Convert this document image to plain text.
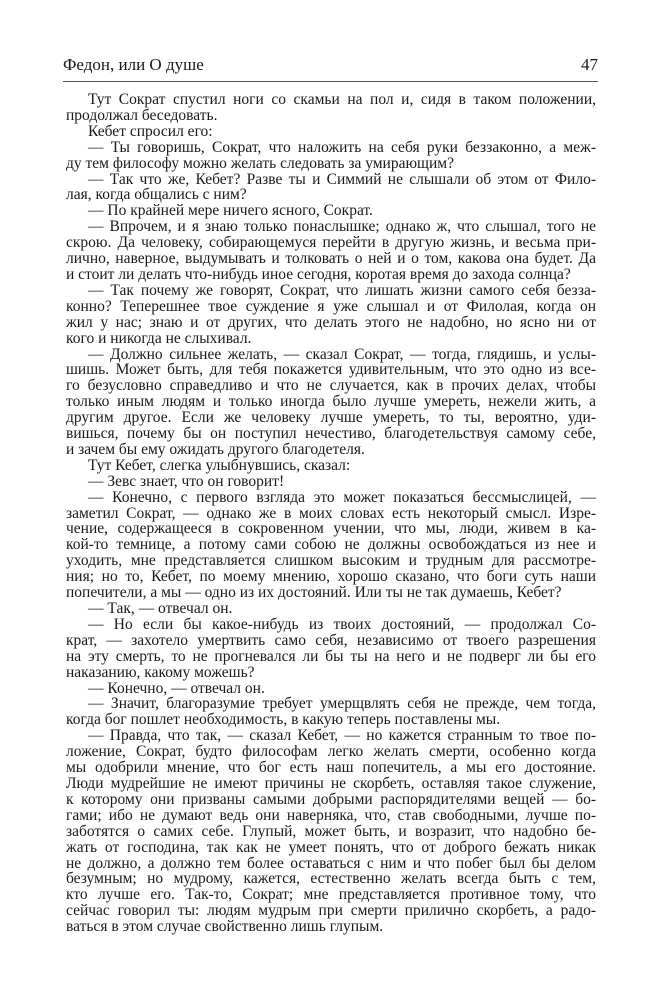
Федон, или О душе	47
Тут Сократ спустил ноги со скамьи на пол и, сидя в таком положении,
продолжал беседовать.
Кебет спросил его:
— Ты говоришь, Сократ, что наложить на себя руки беззаконно, а меж-
ду тем философу можно желать следовать за умирающим?
— Так что же, Кебет? Разве ты и Симмий не слышали об этом от Фило-
лая, когда общались с ним?
— По крайней мере ничего ясного, Сократ.
— Впрочем, и я знаю только понаслышке; однако ж, что слышал, того не
скрою. Да человеку, собирающемуся перейти в другую жизнь, и весьма при-
лично, наверное, выдумывать и толковать о ней и о том, какова она будет. Да
и стоит ли делать что-нибудь иное сегодня, коротая время до захода солнца?
— Так почему же говорят, Сократ, что лишать жизни самого себя безза-
конно? Теперешнее твое суждение я уже слышал и от Филолая, когда он
жил у нас; знаю и от других, что делать этого не надобно, но ясно ни от
кого и никогда не слыхивал.
— Должно сильнее желать, — сказал Сократ, — тогда, глядишь, и услы-
шишь. Может быть, для тебя покажется удивительным, что это одно из все-
го безусловно справедливо и что не случается, как в прочих делах, чтобы
только иным людям и только иногда было лучше умереть, нежели жить, а
другим другое. Если же человеку лучше умереть, то ты, вероятно, уди-
вишься, почему бы он поступил нечестиво, благодетельствуя самому себе,
и зачем бы ему ожидать другого благодетеля.
Тут Кебет, слегка улыбнувшись, сказал:
— Зевс знает, что он говорит!
— Конечно, с первого взгляда это может показаться бессмыслицей, —
заметил Сократ, — однако же в моих словах есть некоторый смысл. Изре-
чение, содержащееся в сокровенном учении, что мы, люди, живем в ка-
кой-то темнице, а потому сами собою не должны освобождаться из нее и
уходить, мне представляется слишком высоким и трудным для рассмотре-
ния; но то, Кебет, по моему мнению, хорошо сказано, что боги суть наши
попечители, а мы — одно из их достояний. Или ты не так думаешь, Кебет?
— Так, — отвечал он.
— Но если бы какое-нибудь из твоих достояний, — продолжал Со-
крат, — захотело умертвить само себя, независимо от твоего разрешения
на эту смерть, то не прогневался ли бы ты на него и не подверг ли бы его
наказанию, какому можешь?
— Конечно, — отвечал он.
— Значит, благоразумие требует умерщвлять себя не прежде, чем тогда,
когда бог пошлет необходимость, в какую теперь поставлены мы.
— Правда, что так, — сказал Кебет, — но кажется странным то твое по-
ложение, Сократ, будто философам легко желать смерти, особенно когда
мы одобрили мнение, что бог есть наш попечитель, а мы его достояние.
Люди мудрейшие не имеют причины не скорбеть, оставляя такое служение,
к которому они призваны самыми добрыми распорядителями вещей — бо-
гами; ибо не думают ведь они наверняка, что, став свободными, лучше по-
заботятся о самих себе. Глупый, может быть, и возразит, что надобно бе-
жать от господина, так как не умеет понять, что от доброго бежать никак
не должно, а должно тем более оставаться с ним и что побег был бы делом
безумным; но мудрому, кажется, естественно желать всегда быть с тем,
кто лучше его. Так-то, Сократ; мне представляется противное тому, что
сейчас говорил ты: людям мудрым при смерти прилично скорбеть, а радо-
ваться в этом случае свойственно лишь глупым.
